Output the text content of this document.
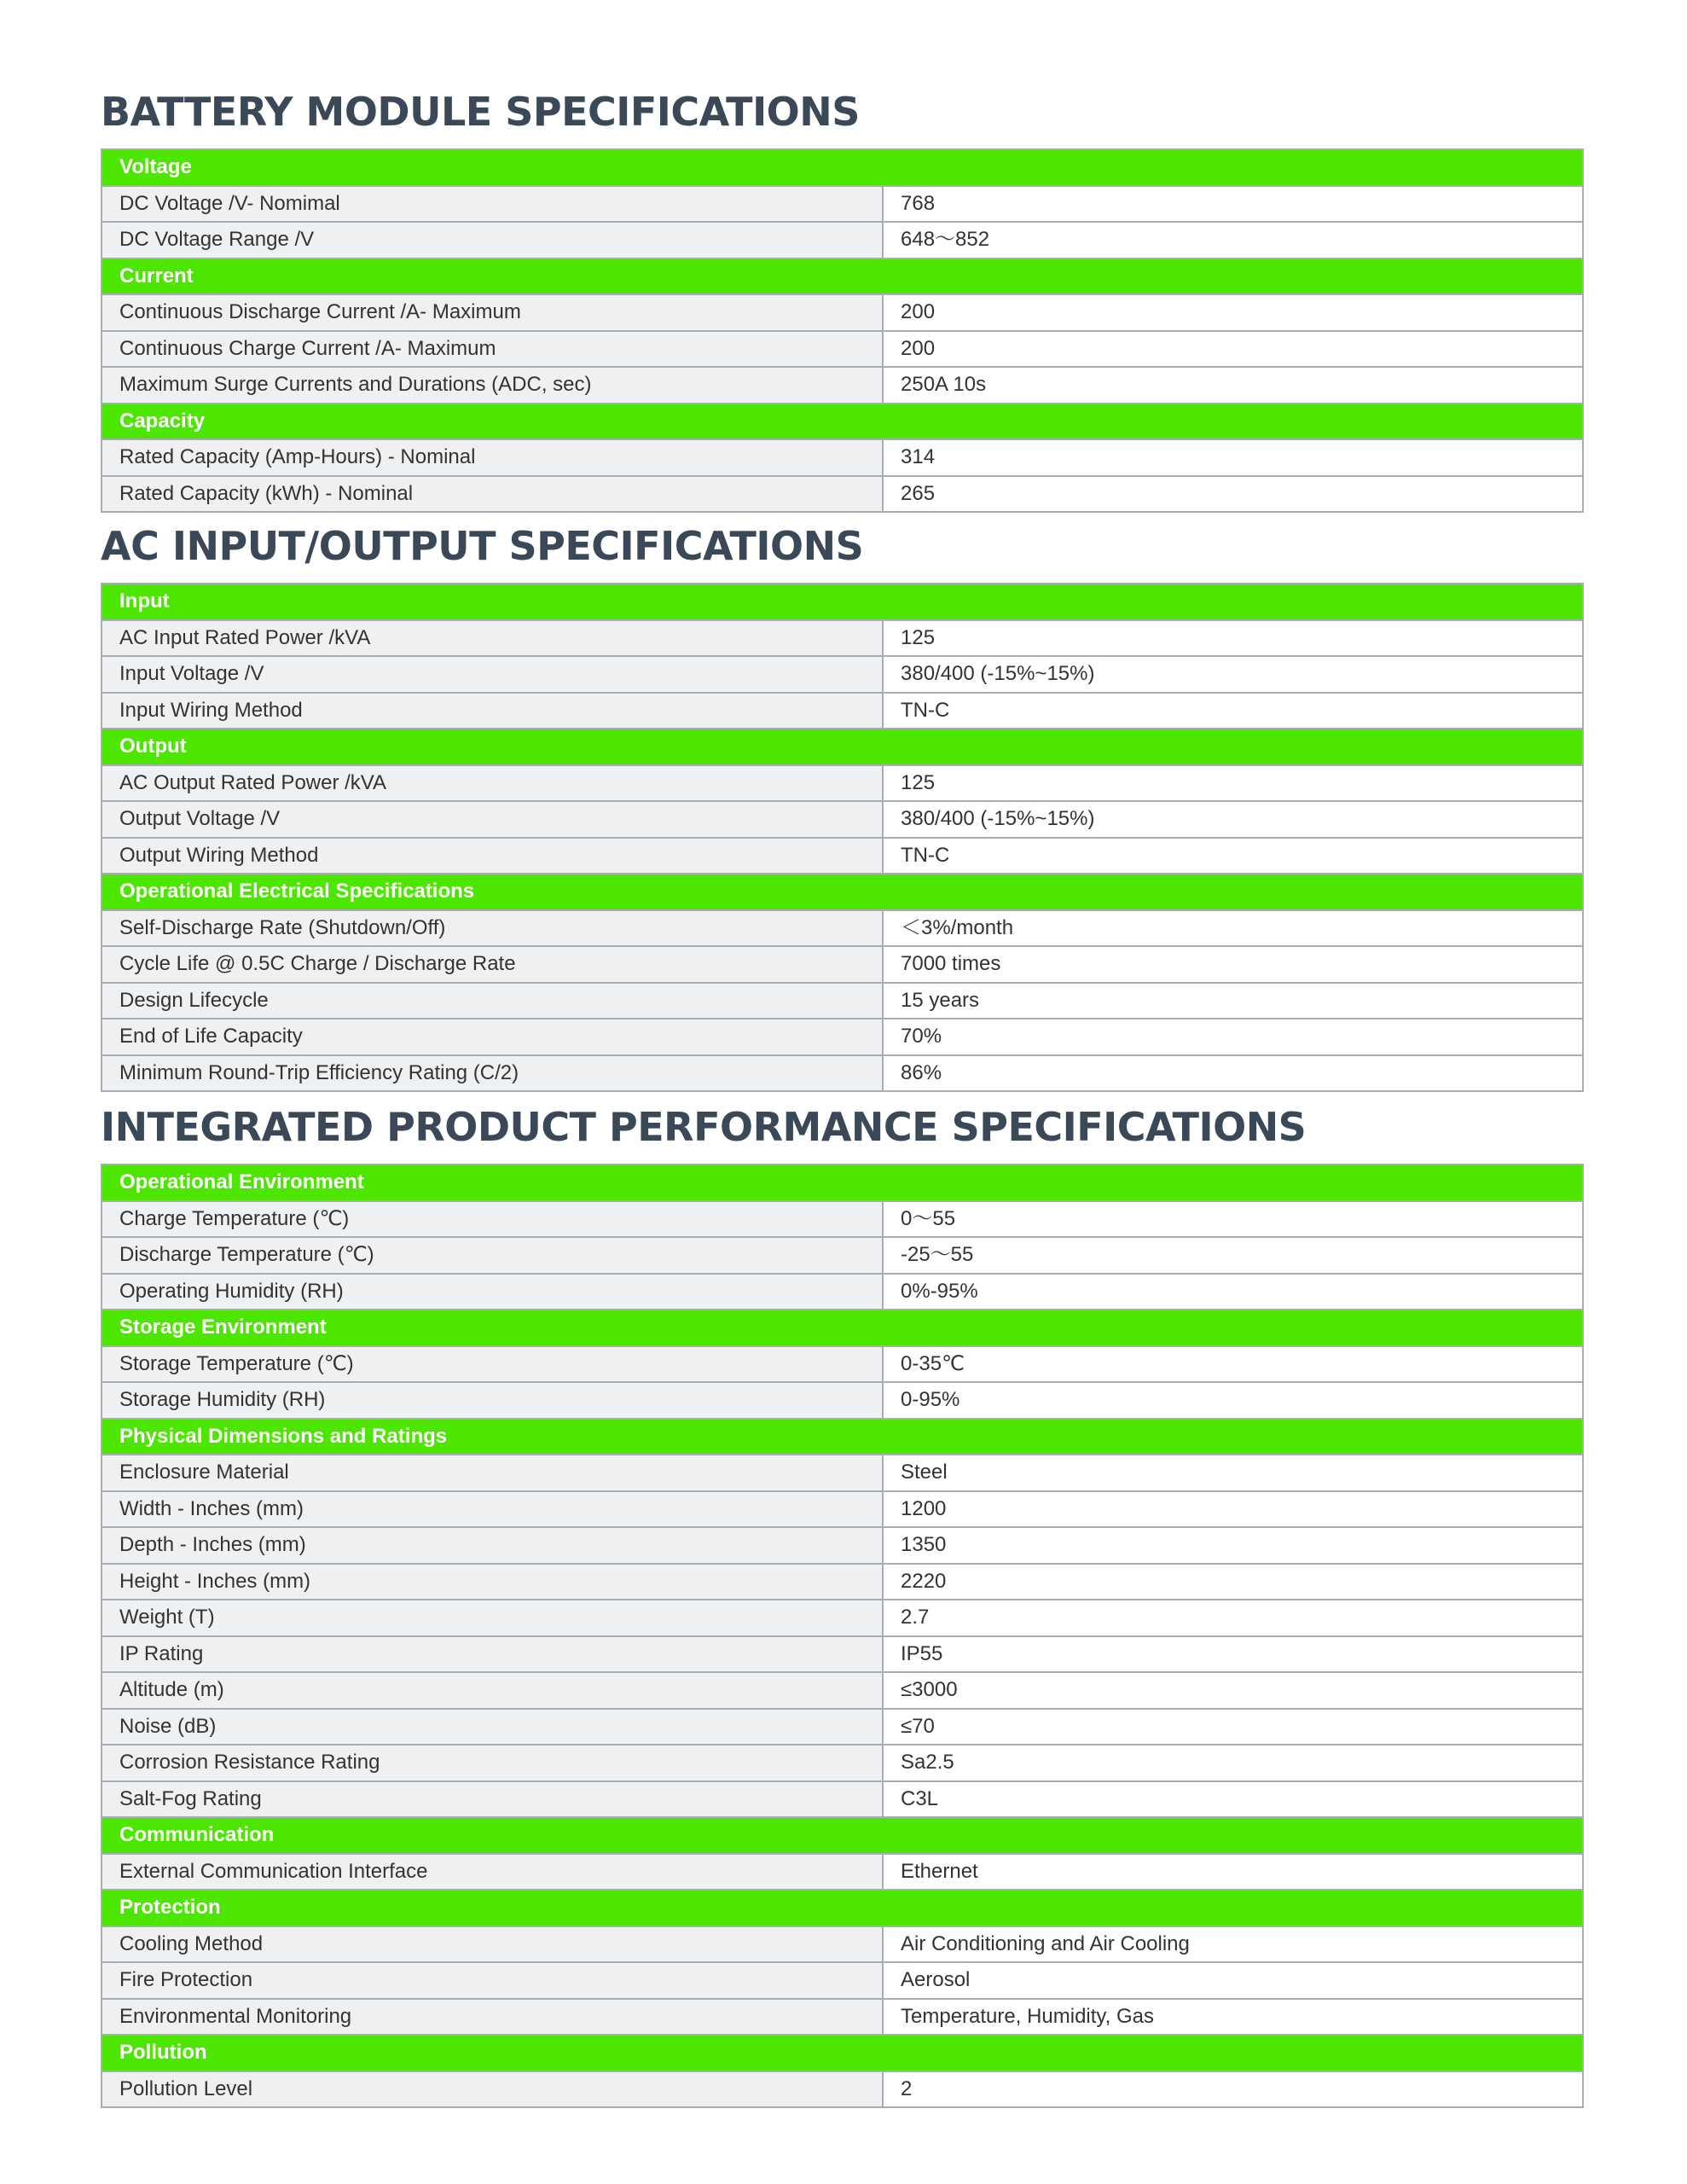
BATTERY MODULE SPECIFICATIONS
Voltage
DC Voltage /V- Nomimal	768
DC Voltage Range /V	648～852
Current
Continuous Discharge Current /A- Maximum	200
Continuous Charge Current /A- Maximum	200
Maximum Surge Currents and Durations (ADC, sec)	250A 10s
Capacity
Rated Capacity (Amp-Hours) - Nominal	314
Rated Capacity (kWh) - Nominal	265
AC INPUT/OUTPUT SPECIFICATIONS
Input
AC Input Rated Power /kVA	125
Input Voltage /V	380/400 (-15%~15%)
Input Wiring Method	TN-C
Output
AC Output Rated Power /kVA	125
Output Voltage /V	380/400 (-15%~15%)
Output Wiring Method	TN-C
Operational Electrical Specifications
Self-Discharge Rate (Shutdown/Off)	＜3%/month
Cycle Life @ 0.5C Charge / Discharge Rate	7000 times
Design Lifecycle	15 years
End of Life Capacity	70%
Minimum Round-Trip Efficiency Rating (C/2)	86%
INTEGRATED PRODUCT PERFORMANCE SPECIFICATIONS
Operational Environment
Charge Temperature (℃)	0～55
Discharge Temperature (℃)	-25～55
Operating Humidity (RH)	0%-95%
Storage Environment
Storage Temperature (℃)	0-35℃
Storage Humidity (RH)	0-95%
Physical Dimensions and Ratings
Enclosure Material	Steel
Width - Inches (mm)	1200
Depth - Inches (mm)	1350
Height - Inches (mm)	2220
Weight (T)	2.7
IP Rating	IP55
Altitude (m)	≤3000
Noise (dB)	≤70
Corrosion Resistance Rating	Sa2.5
Salt-Fog Rating	C3L
Communication
External Communication Interface	Ethernet
Protection
Cooling Method	Air Conditioning and Air Cooling
Fire Protection	Aerosol
Environmental Monitoring	Temperature, Humidity, Gas
Pollution
Pollution Level	2
